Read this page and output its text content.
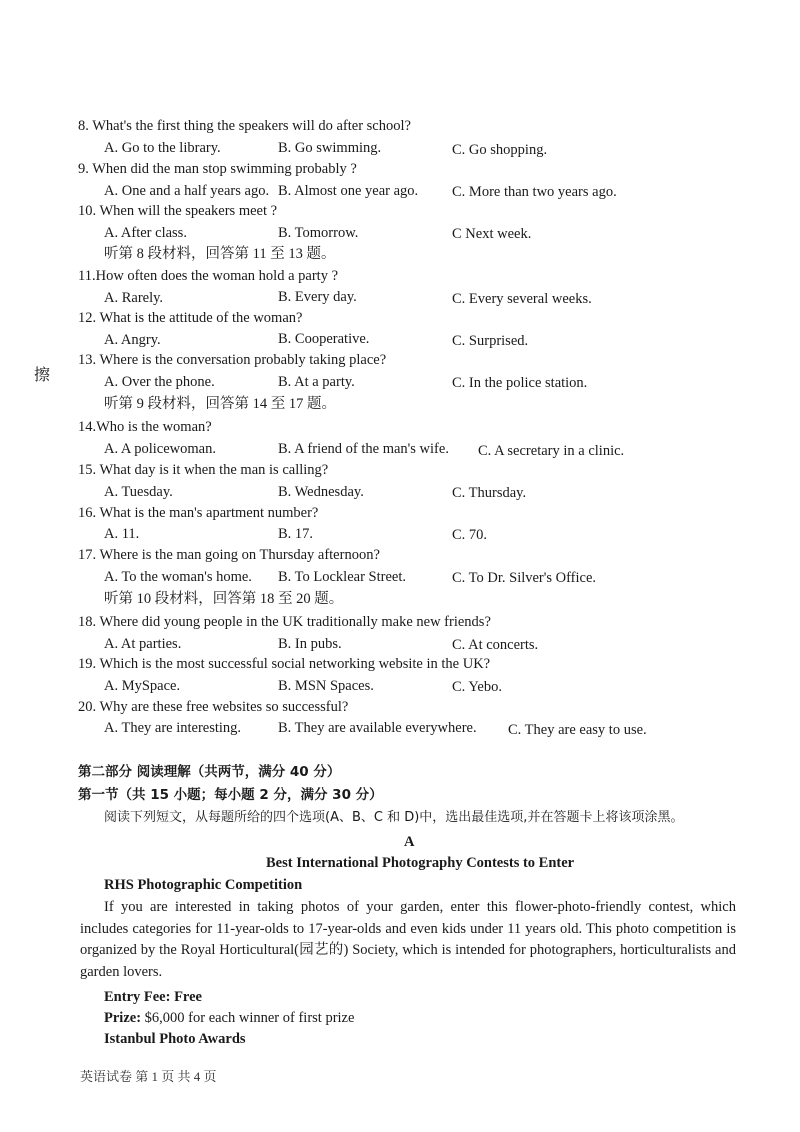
8. What's the first thing the speakers will do after school?
A. Go to the library.	B. Go swimming.	C. Go shopping.
9. When did the man stop swimming probably ?
A. One and a half years ago. B. Almost one year ago. C. More than two years ago.
10. When will the speakers meet ?
A. After class.	B. Tomorrow.	C Next week.
听第 8 段材料，回答第 11 至 13 题。
11.How often does the woman hold a party ?
A. Rarely.	B. Every day.	C. Every several weeks.
12. What is the attitude of the woman?
A. Angry.	B. Cooperative.	C. Surprised.
擦
13. Where is the conversation probably taking place?
A. Over the phone.	B. At a party.	C. In the police station.
听第 9 段材料，回答第 14 至 17 题。
14.Who is the woman?
A. A policewoman.	B. A friend of the man's wife. C. A secretary in a clinic.
15. What day is it when the man is calling?
A. Tuesday.	B. Wednesday.	C. Thursday.
16. What is the man's apartment number?
A. 11.	B. 17.	C. 70.
17. Where is the man going on Thursday afternoon?
A. To the woman's home. B. To Locklear Street.	C. To Dr. Silver's Office.
听第 10 段材料，回答第 18 至 20 题。
18. Where did young people in the UK traditionally make new friends?
A. At parties.	B. In pubs.	C. At concerts.
19. Which is the most successful social networking website in the UK?
A. MySpace.	B. MSN Spaces.	C. Yebo.
20. Why are these free websites so successful?
A. They are interesting.	B. They are available everywhere. C. They are easy to use.
第二部分 阅读理解（共两节，满分 40 分）
第一节（共 15 小题；每小题 2 分，满分 30 分）
阅读下列短文，从每题所给的四个选项(A、B、C 和 D)中，选出最佳选项,并在答题卡上将该项涂黑。
A
Best International Photography Contests to Enter
RHS Photographic Competition
If you are interested in taking photos of your garden, enter this flower-photo-friendly contest, which includes categories for 11-year-olds to 17-year-olds and even kids under 11 years old. This photo competition is organized by the Royal Horticultural(园艺的) Society, which is intended for photographers, horticulturalists and garden lovers.
Entry Fee: Free
Prize: $6,000 for each winner of first prize
Istanbul Photo Awards
英语试卷 第 1 页 共 4 页
